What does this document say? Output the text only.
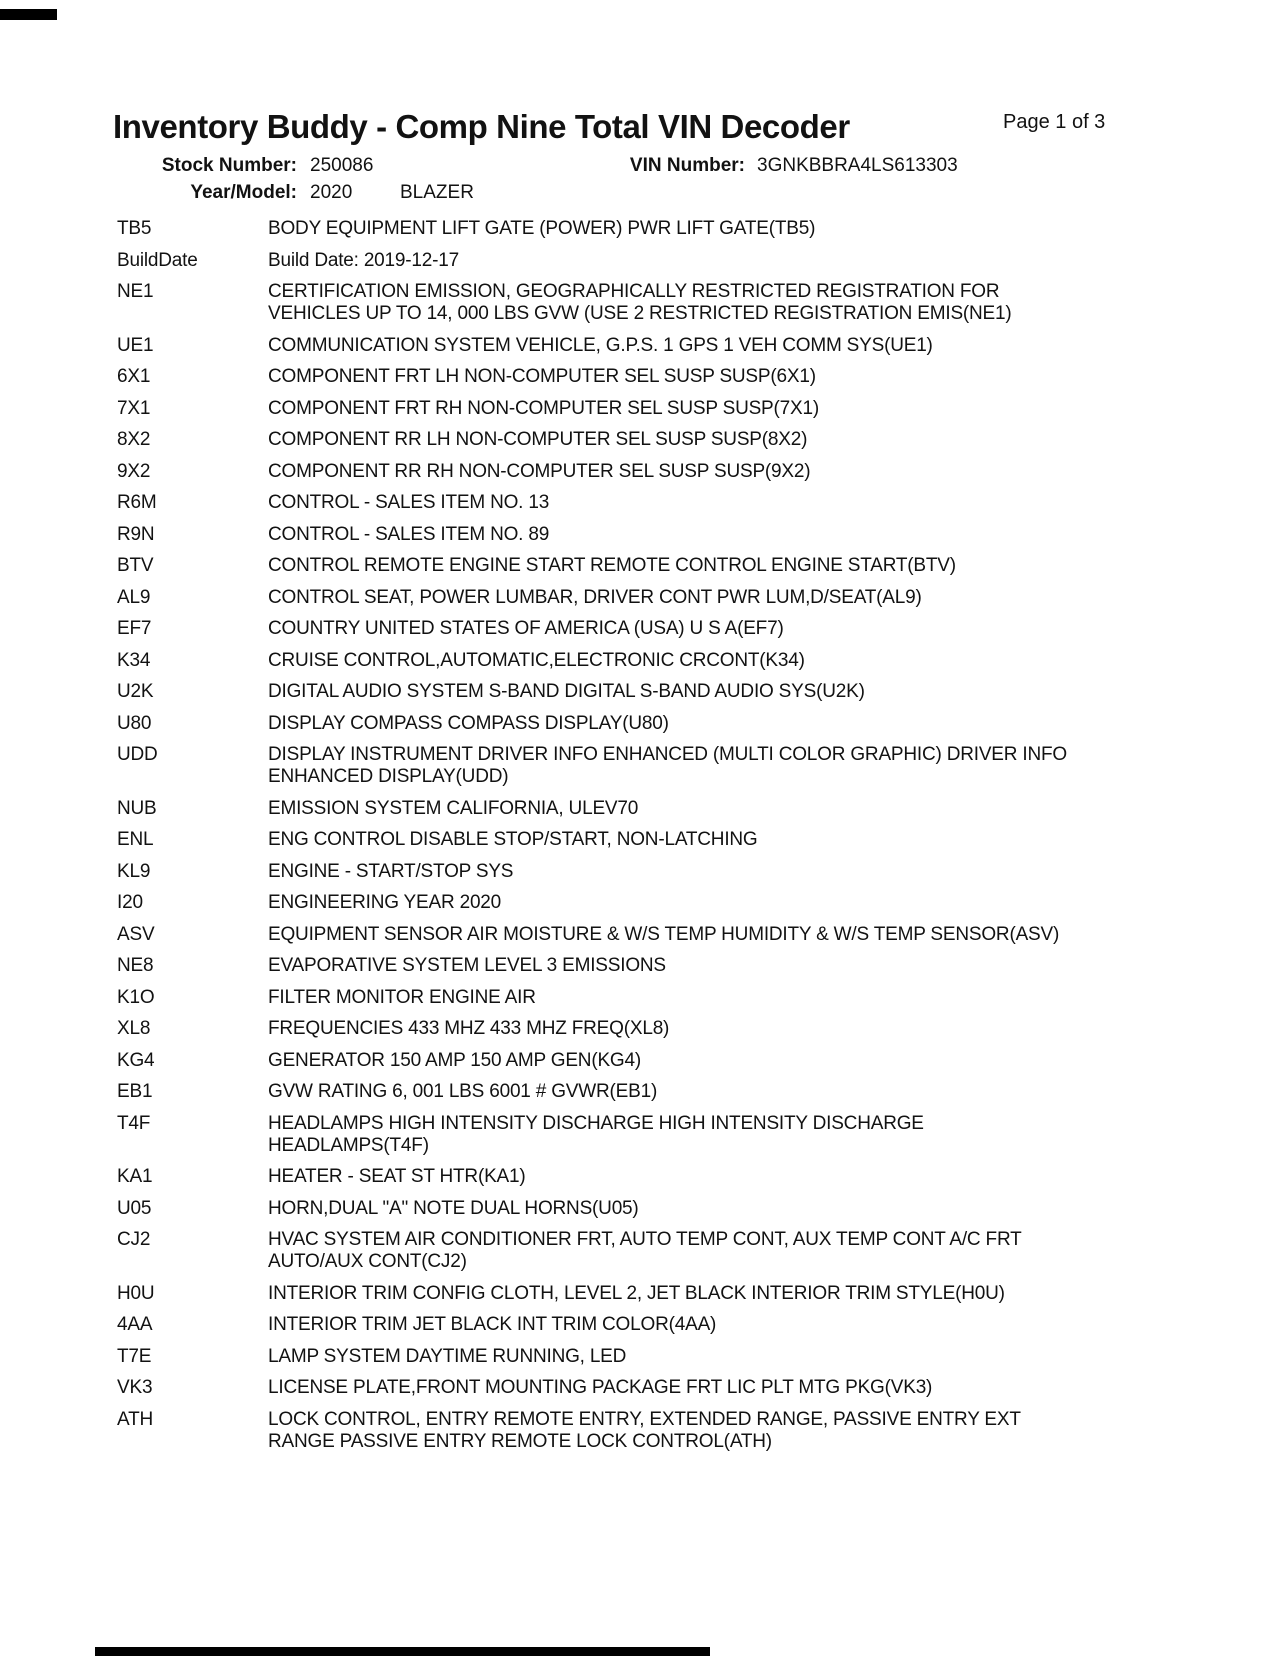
Inventory Buddy - Comp Nine Total VIN Decoder	Page 1 of 3
Stock Number: 250086	VIN Number: 3GNKBBRA4LS613303
Year/Model: 2020	BLAZER
TB5	BODY EQUIPMENT LIFT GATE (POWER) PWR LIFT GATE(TB5)
BuildDate	Build Date: 2019-12-17
NE1	CERTIFICATION EMISSION, GEOGRAPHICALLY RESTRICTED REGISTRATION FOR
VEHICLES UP TO 14, 000 LBS GVW (USE 2 RESTRICTED REGISTRATION EMIS(NE1)
UE1	COMMUNICATION SYSTEM VEHICLE, G.P.S. 1 GPS 1 VEH COMM SYS(UE1)
6X1	COMPONENT FRT LH NON-COMPUTER SEL SUSP SUSP(6X1)
7X1	COMPONENT FRT RH NON-COMPUTER SEL SUSP SUSP(7X1)
8X2	COMPONENT RR LH NON-COMPUTER SEL SUSP SUSP(8X2)
9X2	COMPONENT RR RH NON-COMPUTER SEL SUSP SUSP(9X2)
R6M	CONTROL - SALES ITEM NO. 13
R9N	CONTROL - SALES ITEM NO. 89
BTV	CONTROL REMOTE ENGINE START REMOTE CONTROL ENGINE START(BTV)
AL9	CONTROL SEAT, POWER LUMBAR, DRIVER CONT PWR LUM,D/SEAT(AL9)
EF7	COUNTRY UNITED STATES OF AMERICA (USA) U S A(EF7)
K34	CRUISE CONTROL,AUTOMATIC,ELECTRONIC CRCONT(K34)
U2K	DIGITAL AUDIO SYSTEM S-BAND DIGITAL S-BAND AUDIO SYS(U2K)
U80	DISPLAY COMPASS COMPASS DISPLAY(U80)
UDD	DISPLAY INSTRUMENT DRIVER INFO ENHANCED (MULTI COLOR GRAPHIC) DRIVER INFO
ENHANCED DISPLAY(UDD)
NUB	EMISSION SYSTEM CALIFORNIA, ULEV70
ENL	ENG CONTROL DISABLE STOP/START, NON-LATCHING
KL9	ENGINE - START/STOP SYS
I20	ENGINEERING YEAR 2020
ASV	EQUIPMENT SENSOR AIR MOISTURE & W/S TEMP HUMIDITY & W/S TEMP SENSOR(ASV)
NE8	EVAPORATIVE SYSTEM LEVEL 3 EMISSIONS
K1O	FILTER MONITOR ENGINE AIR
XL8	FREQUENCIES 433 MHZ 433 MHZ FREQ(XL8)
KG4	GENERATOR 150 AMP 150 AMP GEN(KG4)
EB1	GVW RATING 6, 001 LBS 6001 # GVWR(EB1)
T4F	HEADLAMPS HIGH INTENSITY DISCHARGE HIGH INTENSITY DISCHARGE
HEADLAMPS(T4F)
KA1	HEATER - SEAT ST HTR(KA1)
U05	HORN,DUAL "A" NOTE DUAL HORNS(U05)
CJ2	HVAC SYSTEM AIR CONDITIONER FRT, AUTO TEMP CONT, AUX TEMP CONT A/C FRT
AUTO/AUX CONT(CJ2)
H0U	INTERIOR TRIM CONFIG CLOTH, LEVEL 2, JET BLACK INTERIOR TRIM STYLE(H0U)
4AA	INTERIOR TRIM JET BLACK INT TRIM COLOR(4AA)
T7E	LAMP SYSTEM DAYTIME RUNNING, LED
VK3	LICENSE PLATE,FRONT MOUNTING PACKAGE FRT LIC PLT MTG PKG(VK3)
ATH	LOCK CONTROL, ENTRY REMOTE ENTRY, EXTENDED RANGE, PASSIVE ENTRY EXT
RANGE PASSIVE ENTRY REMOTE LOCK CONTROL(ATH)
